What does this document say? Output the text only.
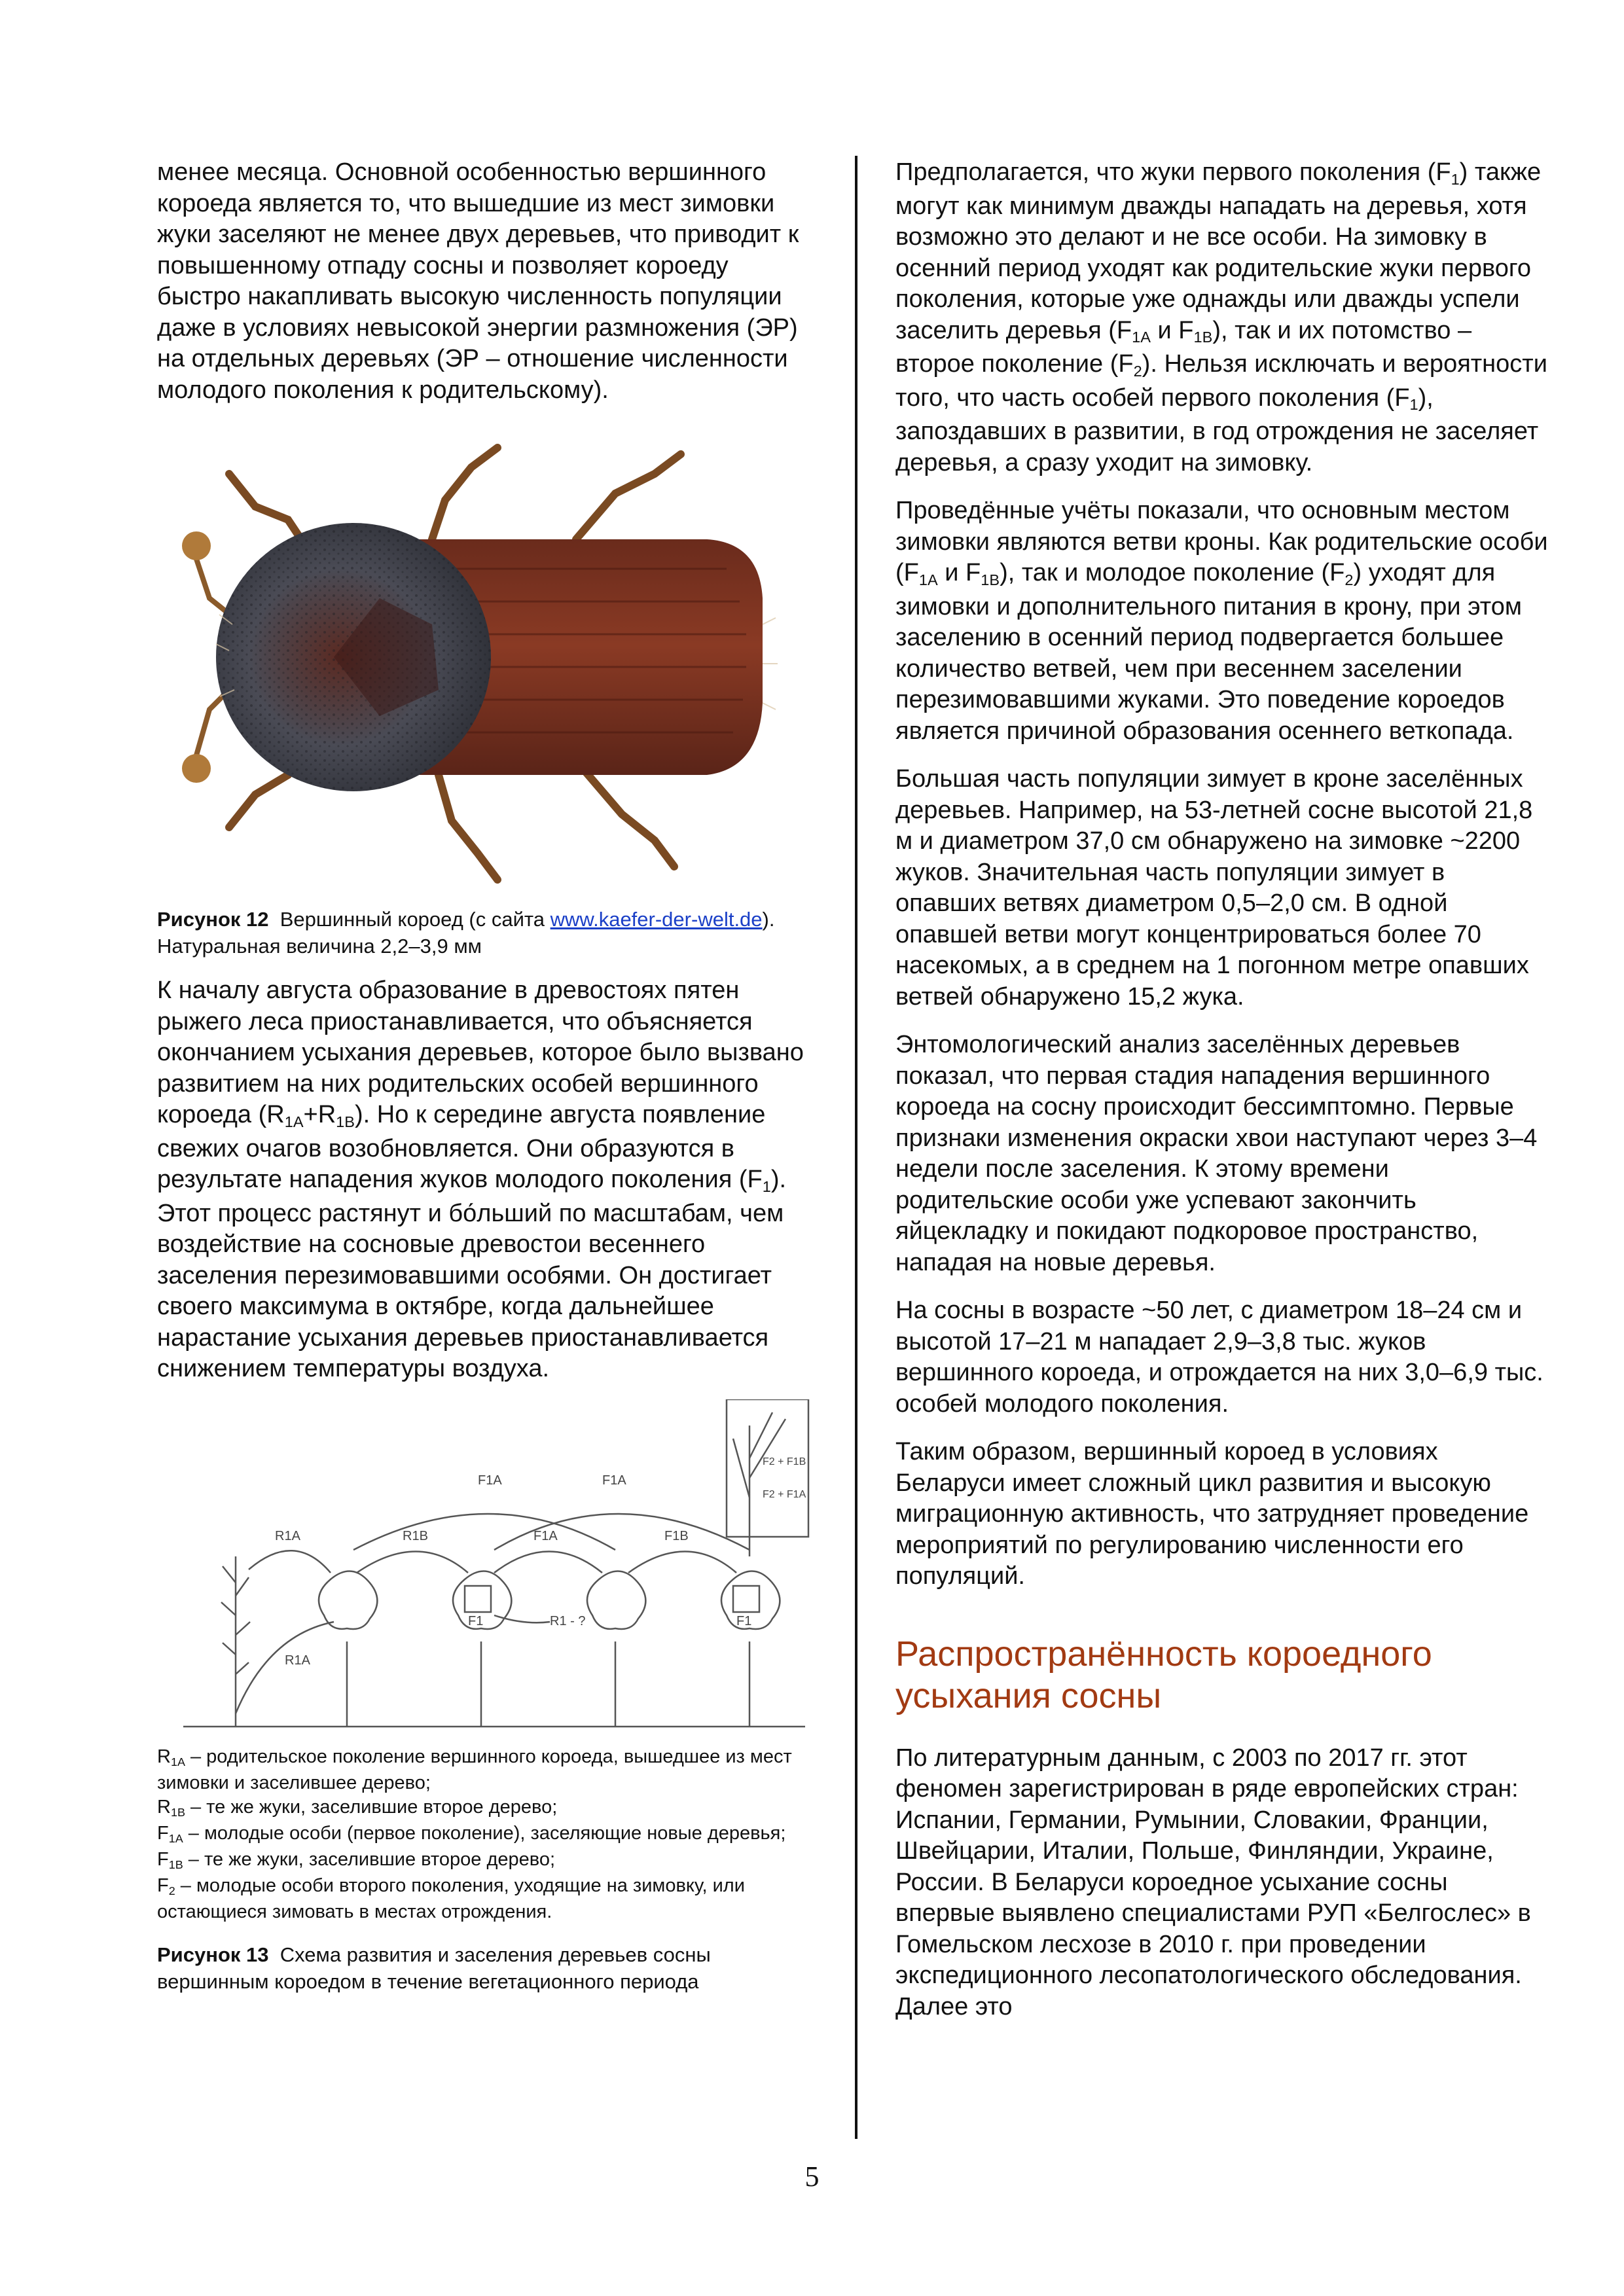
менее месяца. Основной особенностью вершинного короеда является то, что вышедшие из мест зимовки жуки заселяют не менее двух деревьев, что приводит к повышенному отпаду сосны и позволяет короеду быстро накапливать высокую численность популяции даже в условиях невысокой энергии размножения (ЭР) на отдельных деревьях (ЭР – отношение численности молодого поколения к родительскому).

Рисунок 12 Вершинный короед (с сайта www.kaefer-der-welt.de). Натуральная величина 2,2–3,9 мм

К началу августа образование в древостоях пятен рыжего леса приостанавливается, что объясняется окончанием усыхания деревьев, которое было вызвано развитием на них родительских особей вершинного короеда (R1А+R1В). Но к середине августа появление свежих очагов возобновляется. Они образуются в результате нападения жуков молодого поколения (F1). Этот процесс растянут и бо́льший по масштабам, чем воздействие на сосновые древостои весеннего заселения перезимовавшими особями. Он достигает своего максимума в октябре, когда дальнейшее нарастание усыхания деревьев приостанавливается снижением температуры воздуха.

R1A
R1A
R1B
F1A
F1A
F1A
F1B
R1 - ?
F1	F1
F2 + F1B
F2 + F1A
R1А – родительское поколение вершинного короеда, вышедшее из мест зимовки и заселившее дерево;
R1В – те же жуки, заселившие второе дерево;
F1А – молодые особи (первое поколение), заселяющие новые деревья;
F1В – те же жуки, заселившие второе дерево;
F2 – молодые особи второго поколения, уходящие на зимовку, или остающиеся зимовать в местах отрождения.
Рисунок 13 Схема развития и заселения деревьев сосны вершинным короедом в течение вегетационного периода

Предполагается, что жуки первого поколения (F1) также могут как минимум дважды нападать на деревья, хотя возможно это делают и не все особи. На зимовку в осенний период уходят как родительские жуки первого поколения, которые уже однажды или дважды успели заселить деревья (F1А и F1В), так и их потомство – второе поколение (F2). Нельзя исключать и вероятности того, что часть особей первого поколения (F1), запоздавших в развитии, в год отрождения не заселяет деревья, а сразу уходит на зимовку.

Проведённые учёты показали, что основным местом зимовки являются ветви кроны. Как родительские особи (F1А и F1В), так и молодое поколение (F2) уходят для зимовки и дополнительного питания в крону, при этом заселению в осенний период подвергается большее количество ветвей, чем при весеннем заселении перезимовавшими жуками. Это поведение короедов является причиной образования осеннего веткопада.

Большая часть популяции зимует в кроне заселённых деревьев. Например, на 53-летней сосне высотой 21,8 м и диаметром 37,0 см обнаружено на зимовке ~2200 жуков. Значительная часть популяции зимует в опавших ветвях диаметром 0,5–2,0 см. В одной опавшей ветви могут концентрироваться более 70 насекомых, а в среднем на 1 погонном метре опавших ветвей обнаружено 15,2 жука.

Энтомологический анализ заселённых деревьев показал, что первая стадия нападения вершинного короеда на сосну происходит бессимптомно. Первые признаки изменения окраски хвои наступают через 3–4 недели после заселения. К этому времени родительские особи уже успевают закончить яйцекладку и покидают подкоровое пространство, нападая на новые деревья.

На сосны в возрасте ~50 лет, с диаметром 18–24 см и высотой 17–21 м нападает 2,9–3,8 тыс. жуков вершинного короеда, и отрождается на них 3,0–6,9 тыс. особей молодого поколения.

Таким образом, вершинный короед в условиях Беларуси имеет сложный цикл развития и высокую миграционную активность, что затрудняет проведение мероприятий по регулированию численности его популяций.

Распространённость короедного усыхания сосны

По литературным данным, с 2003 по 2017 гг. этот феномен зарегистрирован в ряде европейских стран: Испании, Германии, Румынии, Словакии, Франции, Швейцарии, Италии, Польше, Финляндии, Украине, России. В Беларуси короедное усыхание сосны впервые выявлено специалистами РУП «Белгослес» в Гомельском лесхозе в 2010 г. при проведении экспедиционного лесопатологического обследования. Далее это

5
